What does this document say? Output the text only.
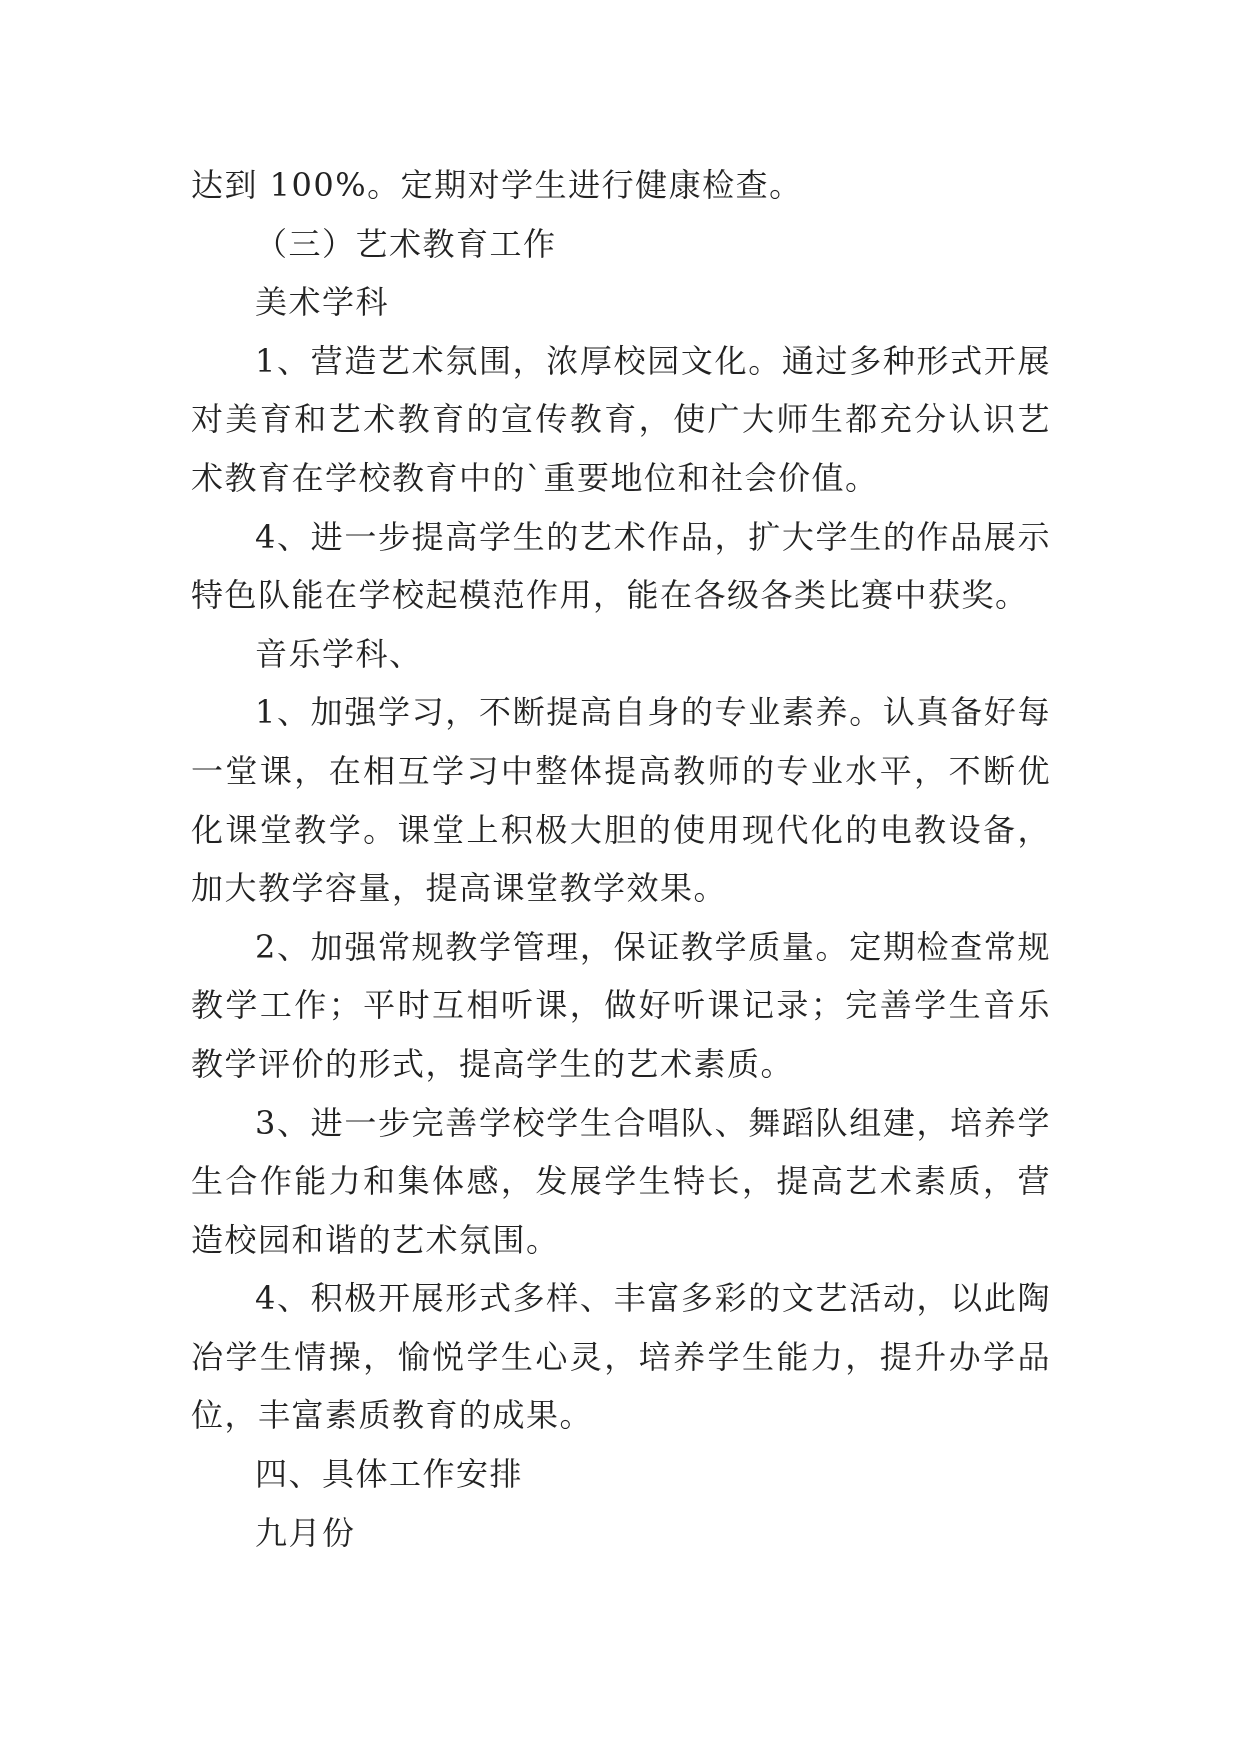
达到 100%。定期对学生进行健康检查。

（三）艺术教育工作

美术学科

1、营造艺术氛围，浓厚校园文化。通过多种形式开展对美育和艺术教育的宣传教育，使广大师生都充分认识艺术教育在学校教育中的`重要地位和社会价值。

4、进一步提高学生的艺术作品，扩大学生的作品展示特色队能在学校起模范作用，能在各级各类比赛中获奖。

音乐学科、

1、加强学习，不断提高自身的专业素养。认真备好每一堂课，在相互学习中整体提高教师的专业水平，不断优化课堂教学。课堂上积极大胆的使用现代化的电教设备，加大教学容量，提高课堂教学效果。

2、加强常规教学管理，保证教学质量。定期检查常规教学工作；平时互相听课，做好听课记录；完善学生音乐教学评价的形式，提高学生的艺术素质。

3、进一步完善学校学生合唱队、舞蹈队组建，培养学生合作能力和集体感，发展学生特长，提高艺术素质，营造校园和谐的艺术氛围。

4、积极开展形式多样、丰富多彩的文艺活动，以此陶冶学生情操，愉悦学生心灵，培养学生能力，提升办学品位，丰富素质教育的成果。

四、具体工作安排

九月份
